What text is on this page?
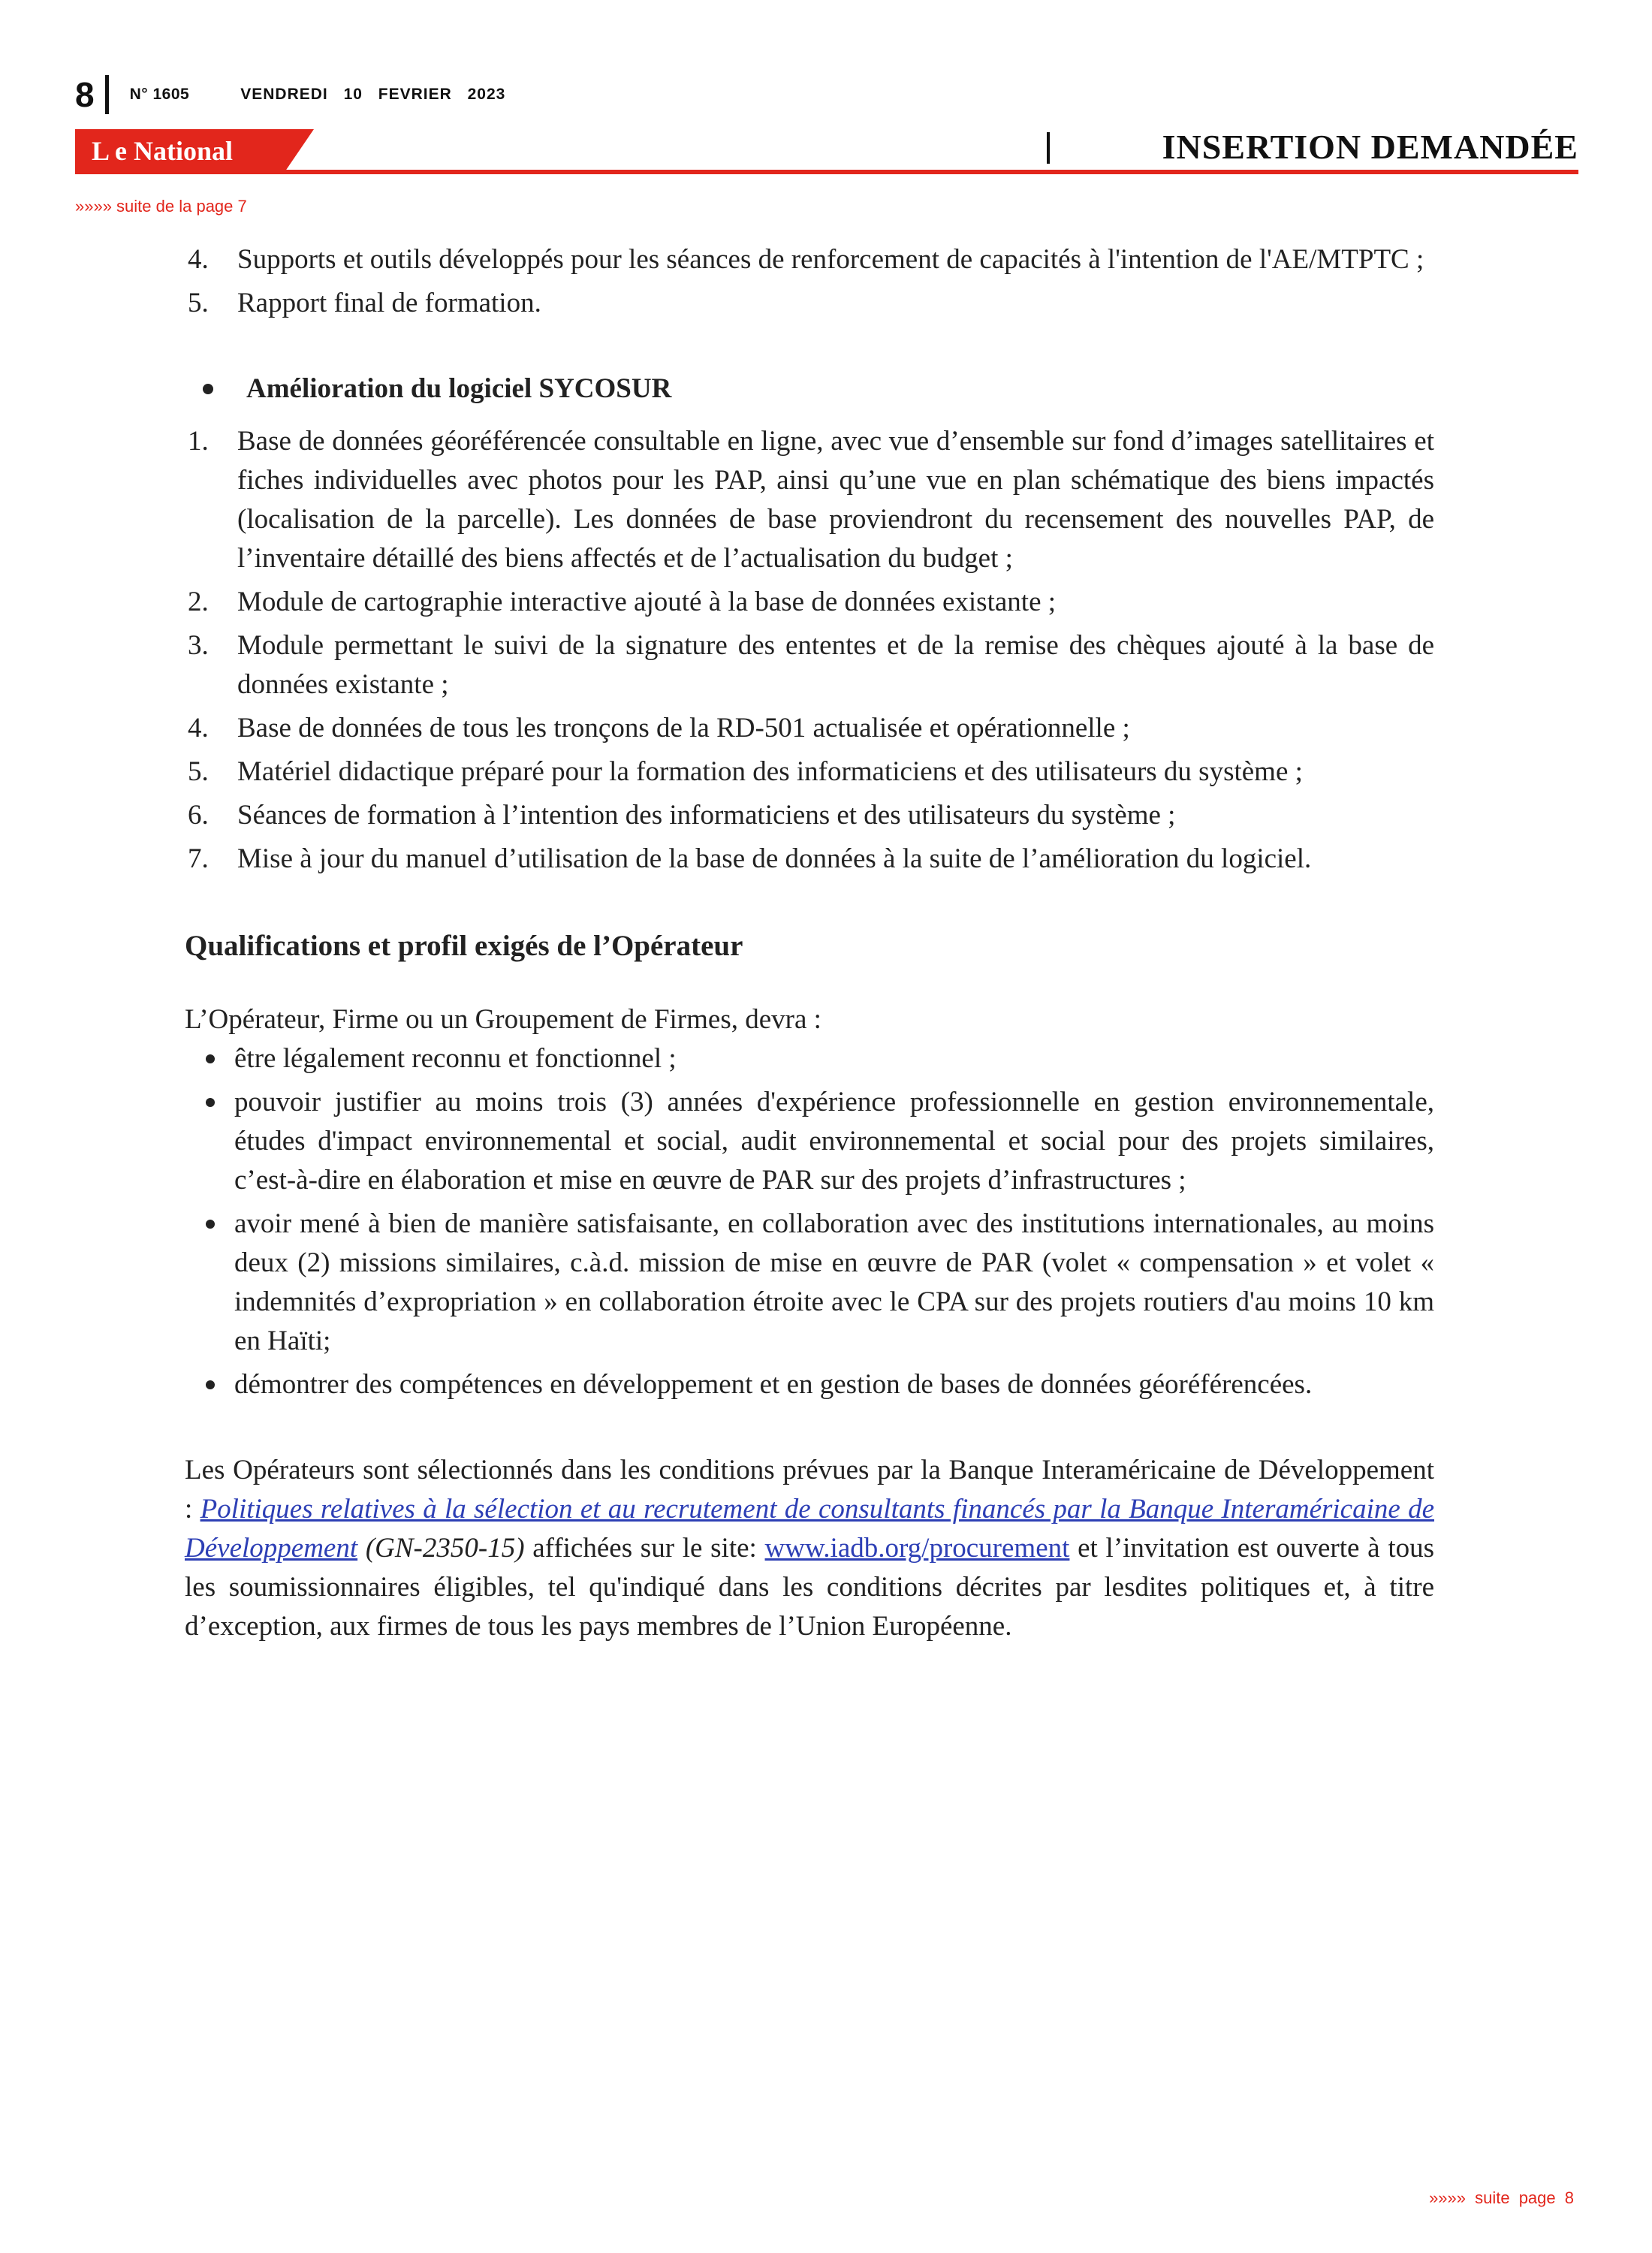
8 N° 1605	VENDREDI 10 FEVRIER 2023
L e National	INSERTION DEMANDÉE
»»»» suite de la page 7
4.	Supports et outils développés pour les séances de renforcement de capacités à l'intention de l'AE/MTPTC ;
5.	Rapport final de formation.
Amélioration du logiciel SYCOSUR
1.	Base de données géoréférencée consultable en ligne, avec vue d’ensemble sur fond d’images satellitaires et fiches individuelles avec photos pour les PAP, ainsi qu’une vue en plan schématique des biens impactés (localisation de la parcelle). Les données de base proviendront du recensement des nouvelles PAP, de l’inventaire détaillé des biens affectés et de l’actualisation du budget ;
2.	Module de cartographie interactive ajouté à la base de données existante ;
3.	Module permettant le suivi de la signature des ententes et de la remise des chèques ajouté à la base de données existante ;
4.	Base de données de tous les tronçons de la RD-501 actualisée et opérationnelle ;
5.	Matériel didactique préparé pour la formation des informaticiens et des utilisateurs du système ;
6.	Séances de formation à l’intention des informaticiens et des utilisateurs du système ;
7.	Mise à jour du manuel d’utilisation de la base de données à la suite de l’amélioration du logiciel.
Qualifications et profil exigés de l’Opérateur
L’Opérateur, Firme ou un Groupement de Firmes, devra :
être légalement reconnu et fonctionnel ;
pouvoir justifier au moins trois (3) années d'expérience professionnelle en gestion environnementale, études d'impact environnemental et social, audit environnemental et social pour des projets similaires, c’est-à-dire en élaboration et mise en œuvre de PAR sur des projets d’infrastructures ;
avoir mené à bien de manière satisfaisante, en collaboration avec des institutions internationales, au moins deux (2) missions similaires, c.à.d. mission de mise en œuvre de PAR (volet « compensation » et volet « indemnités d’expropriation » en collaboration étroite avec le CPA sur des projets routiers d'au moins 10 km en Haïti;
démontrer des compétences en développement et en gestion de bases de données géoréférencées.

Les Opérateurs sont sélectionnés dans les conditions prévues par la Banque Interaméricaine de Développement : Politiques relatives à la sélection et au recrutement de consultants financés par la Banque Interaméricaine de Développement (GN-2350-15) affichées sur le site: www.iadb.org/procurement et l’invitation est ouverte à tous les soumissionnaires éligibles, tel qu'indiqué dans les conditions décrites par lesdites politiques et, à titre d’exception, aux firmes de tous les pays membres de l’Union Européenne.

»»»» suite page 8
